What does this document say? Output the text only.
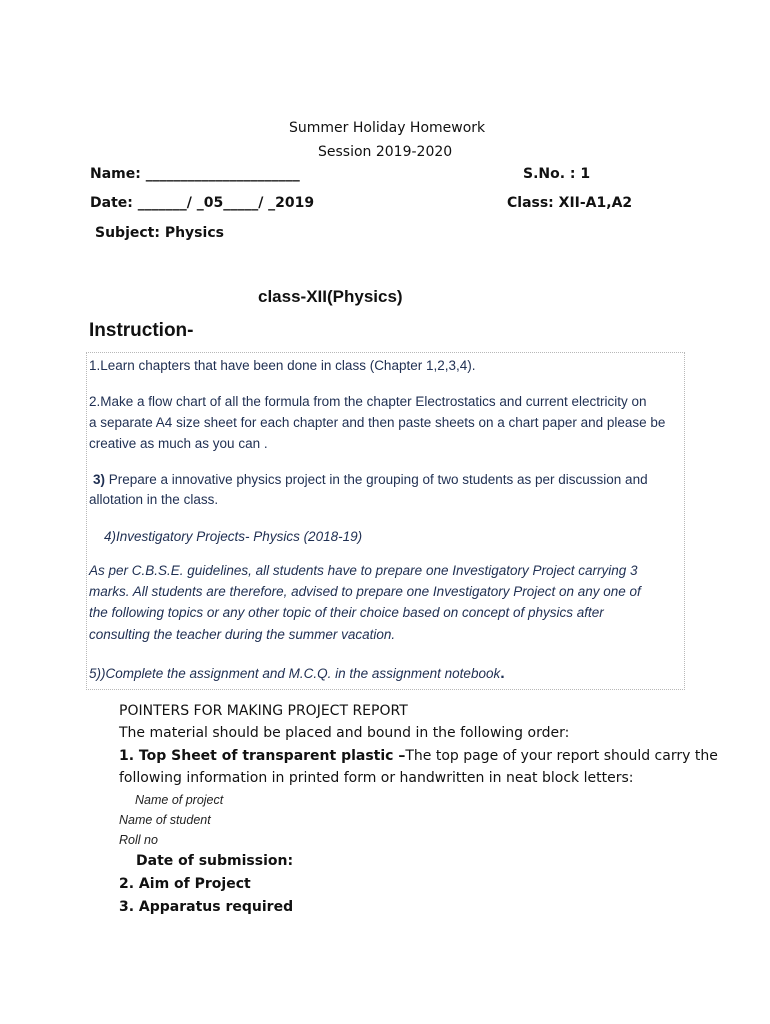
Summer Holiday Homework
Session 2019-2020
Name: ______________________	S.No. : 1
Date: _______/ _05_____/ _2019	Class: XII-A1,A2
Subject: Physics
class-XII(Physics)
Instruction-
1.Learn chapters that have been done in class (Chapter 1,2,3,4).
2.Make a flow chart of all the formula from the chapter Electrostatics and current electricity on
a separate A4 size sheet for each chapter and then paste sheets on a chart paper and please be
creative as much as you can .
3) Prepare a innovative physics project in the grouping of two students as per discussion and
allotation in the class.
4)Investigatory Projects- Physics (2018-19)
As per C.B.S.E. guidelines, all students have to prepare one Investigatory Project carrying 3
marks. All students are therefore, advised to prepare one Investigatory Project on any one of
the following topics or any other topic of their choice based on concept of physics after
consulting the teacher during the summer vacation.
5))Complete the assignment and M.C.Q. in the assignment notebook.
POINTERS FOR MAKING PROJECT REPORT
The material should be placed and bound in the following order:
1. Top Sheet of transparent plastic –The top page of your report should carry the
following information in printed form or handwritten in neat block letters:
Name of project
Name of student
Roll no
Date of submission:
2. Aim of Project
3. Apparatus required
